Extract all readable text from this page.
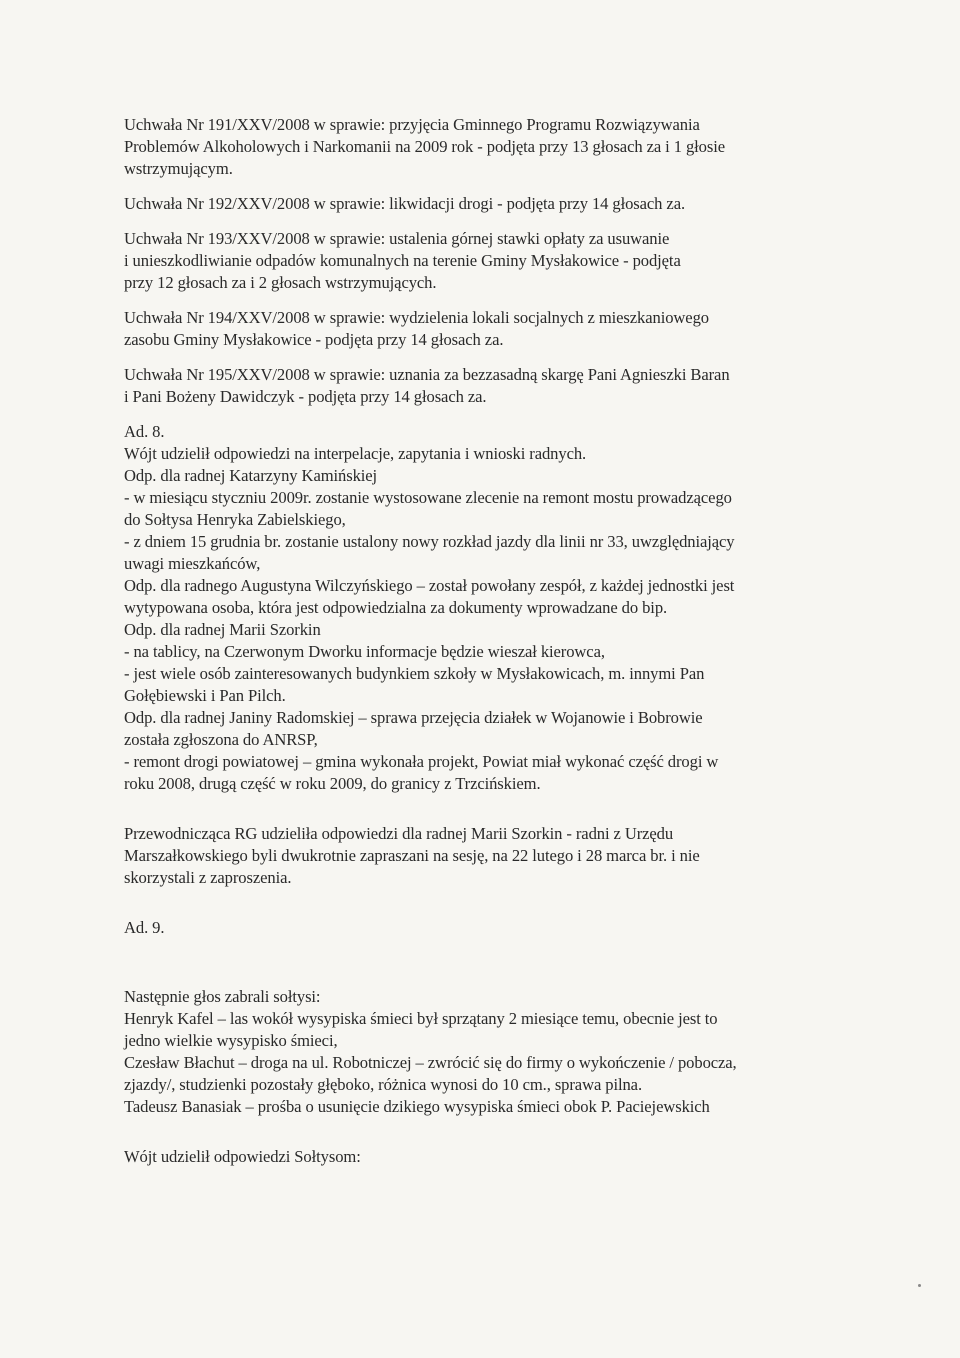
Uchwała Nr 191/XXV/2008 w sprawie: przyjęcia Gminnego Programu Rozwiązywania
Problemów Alkoholowych i Narkomanii na 2009 rok - podjęta przy 13 głosach za i 1 głosie
wstrzymującym.

Uchwała Nr 192/XXV/2008 w sprawie: likwidacji drogi - podjęta przy 14 głosach za.

Uchwała Nr 193/XXV/2008 w sprawie: ustalenia górnej stawki opłaty za usuwanie
i unieszkodliwianie odpadów komunalnych na terenie Gminy Mysłakowice - podjęta
przy 12 głosach za i 2 głosach wstrzymujących.

Uchwała Nr 194/XXV/2008 w sprawie: wydzielenia lokali socjalnych z mieszkaniowego
zasobu Gminy Mysłakowice - podjęta przy 14 głosach za.

Uchwała Nr 195/XXV/2008 w sprawie: uznania za bezzasadną skargę Pani Agnieszki Baran
i Pani Bożeny Dawidczyk - podjęta przy 14 głosach za.

Ad. 8.
Wójt udzielił odpowiedzi na interpelacje, zapytania i wnioski radnych.
Odp. dla radnej Katarzyny Kamińskiej
- w miesiącu styczniu 2009r. zostanie wystosowane zlecenie na remont mostu prowadzącego
do Sołtysa Henryka Zabielskiego,
- z dniem 15 grudnia br. zostanie ustalony nowy rozkład jazdy dla linii nr 33, uwzględniający
uwagi mieszkańców,
Odp. dla radnego Augustyna Wilczyńskiego – został powołany zespół, z każdej jednostki jest
wytypowana osoba, która jest odpowiedzialna za dokumenty wprowadzane do bip.
Odp. dla radnej Marii Szorkin
- na tablicy, na Czerwonym Dworku informacje będzie wieszał kierowca,
- jest wiele osób zainteresowanych budynkiem szkoły w Mysłakowicach, m. innymi Pan
Gołębiewski i Pan Pilch.
Odp. dla radnej Janiny Radomskiej – sprawa przejęcia działek w Wojanowie i Bobrowie
została zgłoszona do ANRSP,
- remont drogi powiatowej – gmina wykonała projekt, Powiat miał wykonać część drogi w
roku 2008, drugą część w roku 2009, do granicy z Trzcińskiem.

Przewodnicząca RG udzieliła odpowiedzi dla radnej Marii Szorkin - radni z Urzędu
Marszałkowskiego byli dwukrotnie zapraszani na sesję, na 22 lutego i 28 marca br. i nie
skorzystali z zaproszenia.

Ad. 9.

Następnie głos zabrali sołtysi:
Henryk Kafel – las wokół wysypiska śmieci był sprzątany 2 miesiące temu, obecnie jest to
jedno wielkie wysypisko śmieci,
Czesław Błachut – droga na ul. Robotniczej – zwrócić się do firmy o wykończenie / pobocza,
zjazdy/, studzienki pozostały głęboko, różnica wynosi do 10 cm., sprawa pilna.
Tadeusz Banasiak – prośba o usunięcie dzikiego wysypiska śmieci obok P. Paciejewskich

Wójt udzielił odpowiedzi Sołtysom:
